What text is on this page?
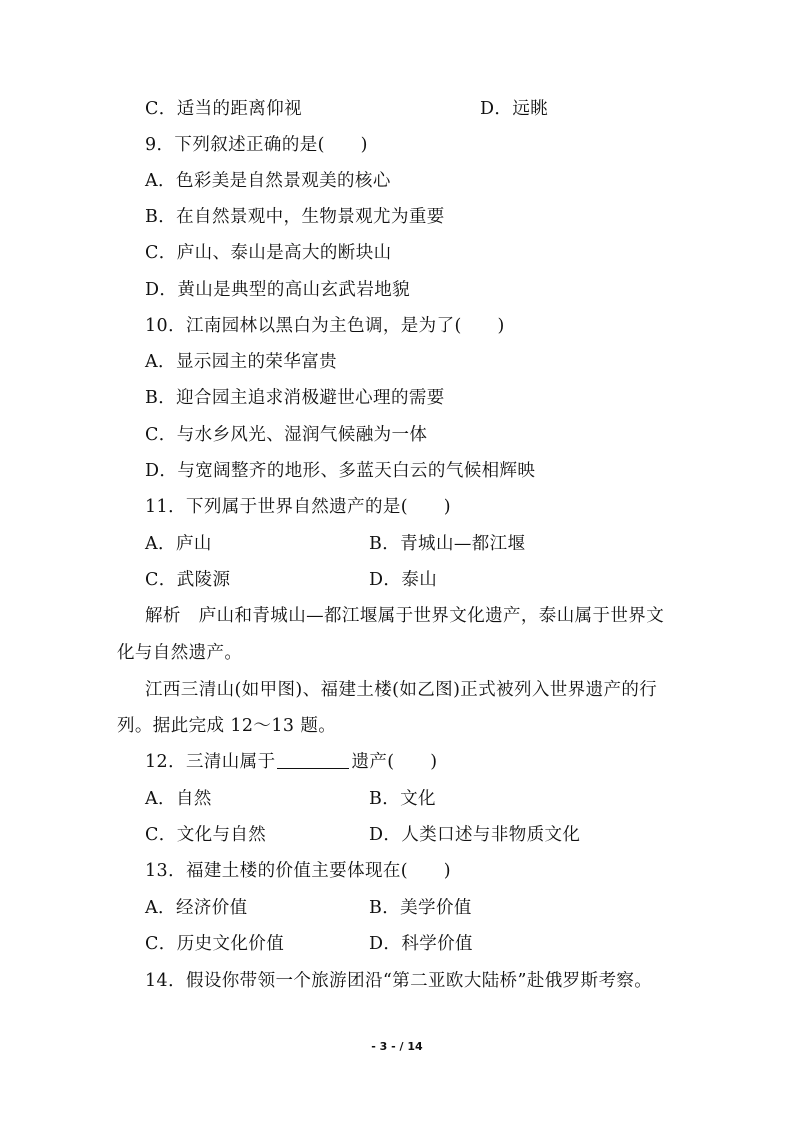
C．适当的距离仰视	D．远眺
9．下列叙述正确的是(　　)
A．色彩美是自然景观美的核心
B．在自然景观中，生物景观尤为重要
C．庐山、泰山是高大的断块山
D．黄山是典型的高山玄武岩地貌
10．江南园林以黑白为主色调，是为了(　　)
A．显示园主的荣华富贵
B．迎合园主追求消极避世心理的需要
C．与水乡风光、湿润气候融为一体
D．与宽阔整齐的地形、多蓝天白云的气候相辉映
11．下列属于世界自然遗产的是(　　)
A．庐山	B．青城山—都江堰
C．武陵源	D．泰山
解析　庐山和青城山—都江堰属于世界文化遗产，泰山属于世界文
化与自然遗产。
江西三清山(如甲图)、福建土楼(如乙图)正式被列入世界遗产的行
列。据此完成 12～13 题。
12．三清山属于	遗产(　　)
A．自然	B．文化
C．文化与自然	D．人类口述与非物质文化
13．福建土楼的价值主要体现在(　　)
A．经济价值	B．美学价值
C．历史文化价值	D．科学价值
14．假设你带领一个旅游团沿“第二亚欧大陆桥”赴俄罗斯考察。
- 3 - / 14
